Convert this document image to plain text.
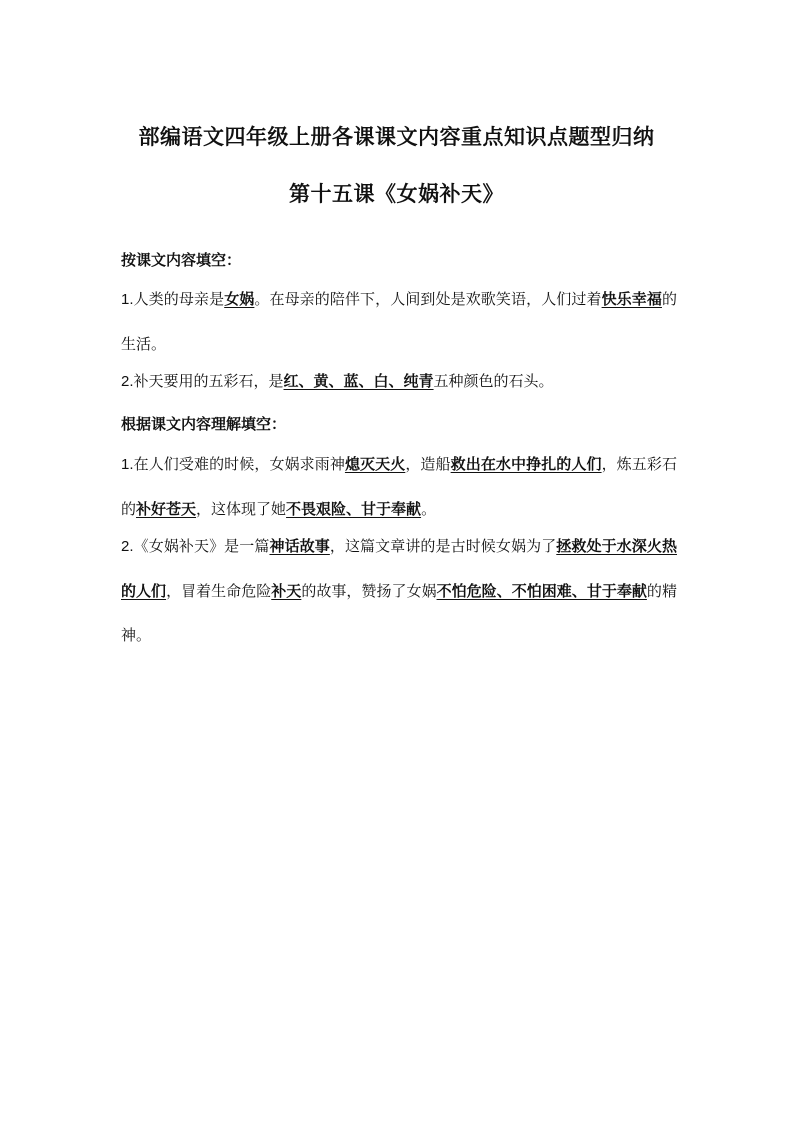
部编语文四年级上册各课课文内容重点知识点题型归纳
第十五课《女娲补天》

按课文内容填空：

1.人类的母亲是女娲。在母亲的陪伴下，人间到处是欢歌笑语，人们过着快乐幸福的生活。

2.补天要用的五彩石，是红、黄、蓝、白、纯青五种颜色的石头。

根据课文内容理解填空：

1.在人们受难的时候，女娲求雨神熄灭天火，造船救出在水中挣扎的人们，炼五彩石的补好苍天，这体现了她不畏艰险、甘于奉献。

2.《女娲补天》是一篇神话故事，这篇文章讲的是古时候女娲为了拯救处于水深火热的人们，冒着生命危险补天的故事，赞扬了女娲不怕危险、不怕困难、甘于奉献的精神。
